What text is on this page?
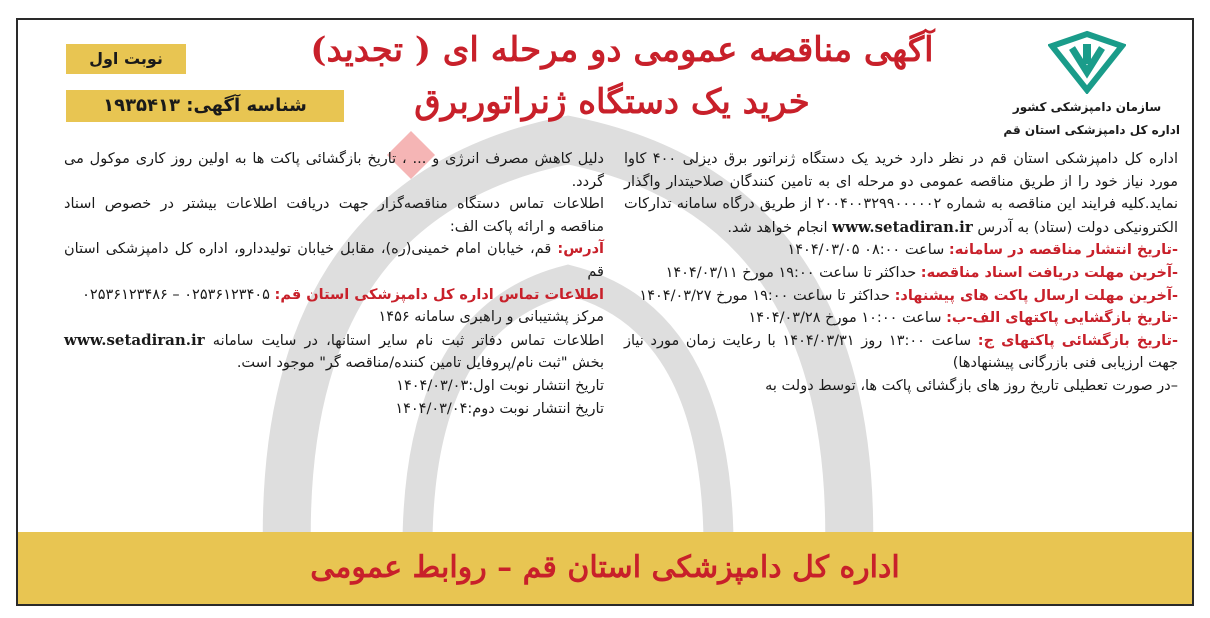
سازمان دامپزشکی کشور
اداره کل دامپزشکی استان قم
آگهی مناقصه عمومی دو مرحله ای ( تجدید)
خرید یک دستگاه ژنراتوربرق
نوبت اول
شناسه آگهی: ۱۹۳۵۴۱۳

اداره کل دامپزشکی استان قم در نظر دارد خرید یک دستگاه ژنراتور برق دیزلی ۴۰۰ کاوا مورد نیاز خود را از طریق مناقصه عمومی دو مرحله ای به تامین کنندگان صلاحیتدار واگذار نماید.کلیه فرایند این مناقصه به شماره ۲۰۰۴۰۰۳۲۹۹۰۰۰۰۰۲ از طریق درگاه سامانه تدارکات الکترونیکی دولت (ستاد) به آدرس www.setadiran.ir انجام خواهد شد.

-تاریخ انتشار مناقصه در سامانه: ساعت ۰۸:۰۰ ۱۴۰۴/۰۳/۰۵

-آخرین مهلت دریافت اسناد مناقصه: حداکثر تا ساعت ۱۹:۰۰ مورخ ۱۴۰۴/۰۳/۱۱

-آخرین مهلت ارسال پاکت های پیشنهاد: حداکثر تا ساعت ۱۹:۰۰ مورخ ۱۴۰۴/۰۳/۲۷

-تاریخ بازگشایی پاکتهای الف-ب: ساعت ۱۰:۰۰ مورخ ۱۴۰۴/۰۳/۲۸

-تاریخ بازگشائی پاکتهای ج: ساعت ۱۳:۰۰ روز ۱۴۰۴/۰۳/۳۱ با رعایت زمان مورد نیاز جهت ارزیابی فنی بازرگانی پیشنهادها)

–در صورت تعطیلی تاریخ روز های بازگشائی پاکت ها، توسط دولت به

دلیل کاهش مصرف انرژی و ... ، تاریخ بازگشائی پاکت ها به اولین روز کاری موکول می گردد.

اطلاعات تماس دستگاه مناقصه‌گزار جهت دریافت اطلاعات بیشتر در خصوص اسناد مناقصه و ارائه پاکت الف:

آدرس: قم، خیابان امام خمینی(ره)، مقابل خیابان تولیددارو، اداره کل دامپزشکی استان قم

اطلاعات تماس اداره کل دامپزشکی استان قم: ۰۲۵۳۶۱۲۳۴۰۵ – ۰۲۵۳۶۱۲۳۴۸۶

مرکز پشتیبانی و راهبری سامانه ۱۴۵۶

اطلاعات تماس دفاتر ثبت نام سایر استانها، در سایت سامانه www.setadiran.ir بخش "ثبت نام/پروفایل تامین کننده/مناقصه گر" موجود است.

تاریخ انتشار نوبت اول:۱۴۰۴/۰۳/۰۳

تاریخ انتشار نوبت دوم:۱۴۰۴/۰۳/۰۴

اداره کل دامپزشکی استان قم – روابط عمومی
